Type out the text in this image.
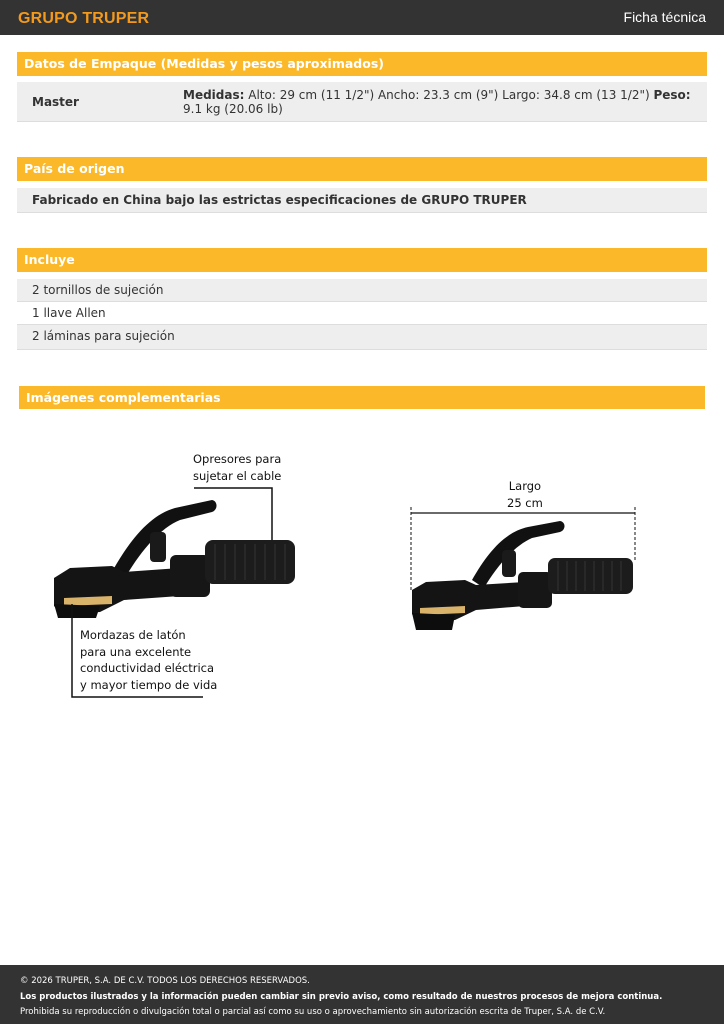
GRUPO TRUPER	Ficha técnica
Datos de Empaque (Medidas y pesos aproximados)
Master	Medidas: Alto: 29 cm (11 1/2") Ancho: 23.3 cm (9") Largo: 34.8 cm (13 1/2") Peso: 9.1 kg (20.06 lb)
País de origen
Fabricado en China bajo las estrictas especificaciones de GRUPO TRUPER
Incluye
2 tornillos de sujeción
1 llave Allen
2 láminas para sujeción
Imágenes complementarias
Opresores para
sujetar el cable
Mordazas de latón
para una excelente
conductividad eléctrica
y mayor tiempo de vida
Largo
25 cm
© 2026 TRUPER, S.A. DE C.V. TODOS LOS DERECHOS RESERVADOS.
Los productos ilustrados y la información pueden cambiar sin previo aviso, como resultado de nuestros procesos de mejora continua.
Prohibida su reproducción o divulgación total o parcial así como su uso o aprovechamiento sin autorización escrita de Truper, S.A. de C.V.
